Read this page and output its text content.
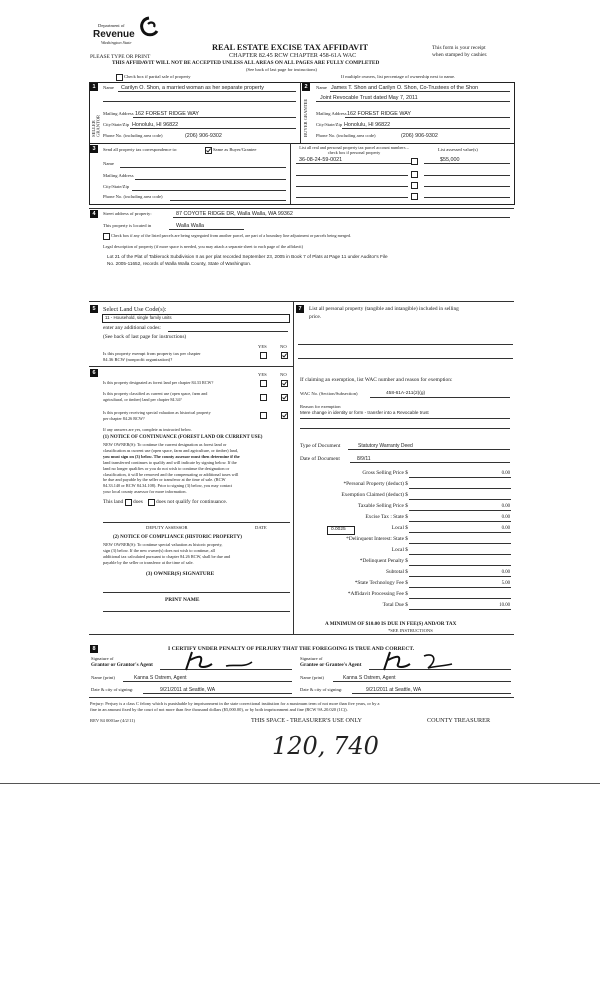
Department of
Revenue
Washington State
REAL ESTATE EXCISE TAX AFFIDAVIT
CHAPTER 82.45 RCW CHAPTER 458-61A WAC
PLEASE TYPE OR PRINT
THIS AFFIDAVIT WILL NOT BE ACCEPTED UNLESS ALL AREAS ON ALL PAGES ARE FULLY COMPLETED
(See back of last page for instructions)
This form is your receipt
when stamped by cashier.
Check box if partial sale of property	If multiple owners, list percentage of ownership next to name.
1
SELLER GRANTOR
Name Carilyn O. Shon, a married woman as her separate property
Mailing Address 162 FOREST RIDGE WAY
City/State/Zip Honolulu, HI 96822
Phone No. (including area code)	(206) 906-9302
2
BUYER GRANTEE
Name James T. Shon and Carilyn O. Shon, Co-Trustees of the Shon
Joint Revocable Trust dated May 7, 2011
Mailing Address 162 FOREST RIDGE WAY
City/State/Zip Honolulu, HI 96822
Phone No. (including area code)	(206) 906-9302
3	Send all property tax correspondence to:	Same as Buyer/Grantee
Name
Mailing Address
City/State/Zip
Phone No. (including area code)
List all real and personal property tax parcel account numbers – check box if personal property
List assessed value(s)
36-08-24-59-0021	$55,000
4	Street address of property:	87 COYOTE RIDGE DR, Walla Walla, WA 99362
This property is located in	Walla Walla
Check box if any of the listed parcels are being segregated from another parcel, are part of a boundary line adjustment or parcels being merged.
Legal description of property (if more space is needed, you may attach a separate sheet to each page of the affidavit)
Lot 21 of the Plat of Tablerock Subdivision II as per plat recorded September 23, 2005 in Book 7 of Plats at Page 11 under Auditor's File
No. 2005-11652, records of Walla Walla County, State of Washington.
5	Select Land Use Code(s):
11 - Household, single family units
enter any additional codes:
(See back of last page for instructions)
YES	NO
Is this property exempt from property tax per chapter
84.36 RCW (nonprofit organization)?
6	YES	NO
Is this property designated as forest land per chapter 84.33 RCW?
Is this property classified as current use (open space, farm and
agricultural, or timber) land per chapter 84.34?
Is this property receiving special valuation as historical property
per chapter 84.26 RCW?
If any answers are yes, complete as instructed below.
(1) NOTICE OF CONTINUANCE (FOREST LAND OR CURRENT USE)
NEW OWNER(S): To continue the current designation as forest land or
classification as current use (open space, farm and agriculture, or timber) land,
you must sign on (3) below. The county assessor must then determine if the
land transferred continues to qualify and will indicate by signing below. If the
land no longer qualifies or you do not wish to continue the designation or
classification, it will be removed and the compensating or additional taxes will
be due and payable by the seller or transferor at the time of sale. (RCW
84.33.140 or RCW 84.34.108). Prior to signing (3) below, you may contact
your local county assessor for more information.
This land does does not qualify for continuance.
DEPUTY ASSESSOR	DATE
(2) NOTICE OF COMPLIANCE (HISTORIC PROPERTY)
NEW OWNER(S): To continue special valuation as historic property,
sign (3) below. If the new owner(s) does not wish to continue, all
additional tax calculated pursuant to chapter 84.26 RCW, shall be due and
payable by the seller or transferor at the time of sale.
(3) OWNER(S) SIGNATURE
PRINT NAME
7	List all personal property (tangible and intangible) included in selling
price.
If claiming an exemption, list WAC number and reason for exemption:
WAC No. (Section/Subsection)	458-61A-211(2)(g)
Reason for exemption
Mere change in identity or form - transfer into a Revocable trust
Type of Document	Statutory Warranty Deed
Date of Document	8/9/11
Gross Selling Price $	0.00
*Personal Property (deduct) $
Exemption Claimed (deduct) $
Taxable Selling Price $	0.00
Excise Tax : State $	0.00
Local $	0.00
*Delinquent Interest: State $
Local $
*Delinquent Penalty $
Subtotal $	0.00
*State Technology Fee $	5.00
*Affidavit Processing Fee $
Total Due $	10.00
0.0025
A MINIMUM OF $10.00 IS DUE IN FEE(S) AND/OR TAX
*SEE INSTRUCTIONS
8	I CERTIFY UNDER PENALTY OF PERJURY THAT THE FOREGOING IS TRUE AND CORRECT.
Signature of
Grantor or Grantor's Agent
Name (print)	Kanna S Ostrem, Agent
Date & city of signing:	9/21/2011 at Seattle, WA
Signature of
Grantee or Grantee's Agent
Name (print)	Kanna S Ostrem, Agent
Date & city of signing:	9/21/2011 at Seattle, WA
Perjury: Perjury is a class C felony which is punishable by imprisonment in the state correctional institution for a maximum term of not more than five years, or by a
fine in an amount fixed by the court of not more than five thousand dollars ($5,000.00), or by both imprisonment and fine (RCW 9A.20.020 (1C)).
REV 84 0001ae (4/2/11)	THIS SPACE - TREASURER'S USE ONLY	COUNTY TREASURER
120, 740
